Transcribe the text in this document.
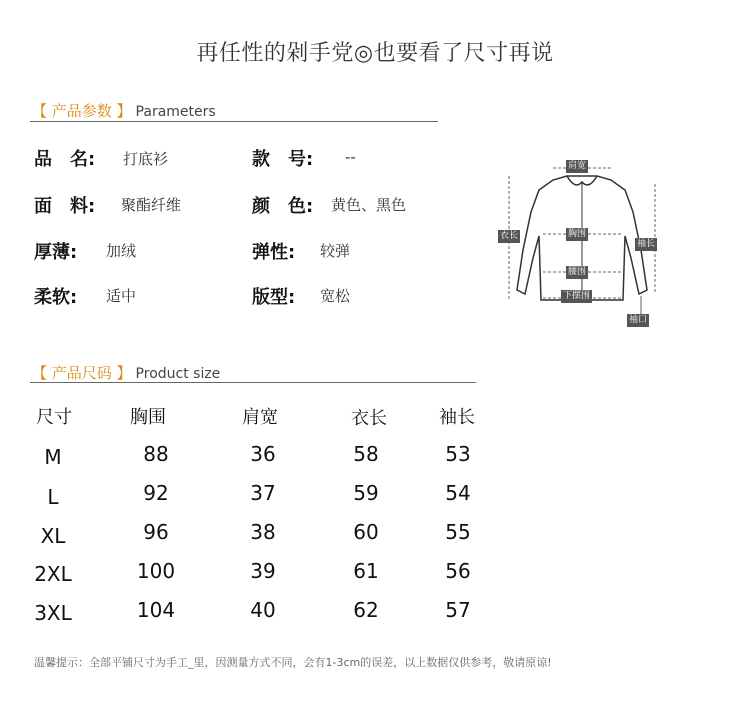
再任性的剁手党◎也要看了尺寸再说
【 产品参数 】 Parameters
品　名: 打底衫	款　号: --
面　料: 聚酯纤维	颜　色: 黄色、黑色
厚薄: 加绒	弹性: 较弹
柔软: 适中	版型: 宽松
肩宽
胸围
衣长
袖长
腰围
下摆围
袖口
【 产品尺码 】 Product size
尺寸	胸围	肩宽	衣长	袖长
M	88	36	58	53
L	92	37	59	54
XL	96	38	60	55
2XL	100	39	61	56
3XL	104	40	62	57
温馨提示：全部平铺尺寸为手工_里，因测量方式不同，会有1-3cm的误差，以上数据仅供参考，敬请原谅!
